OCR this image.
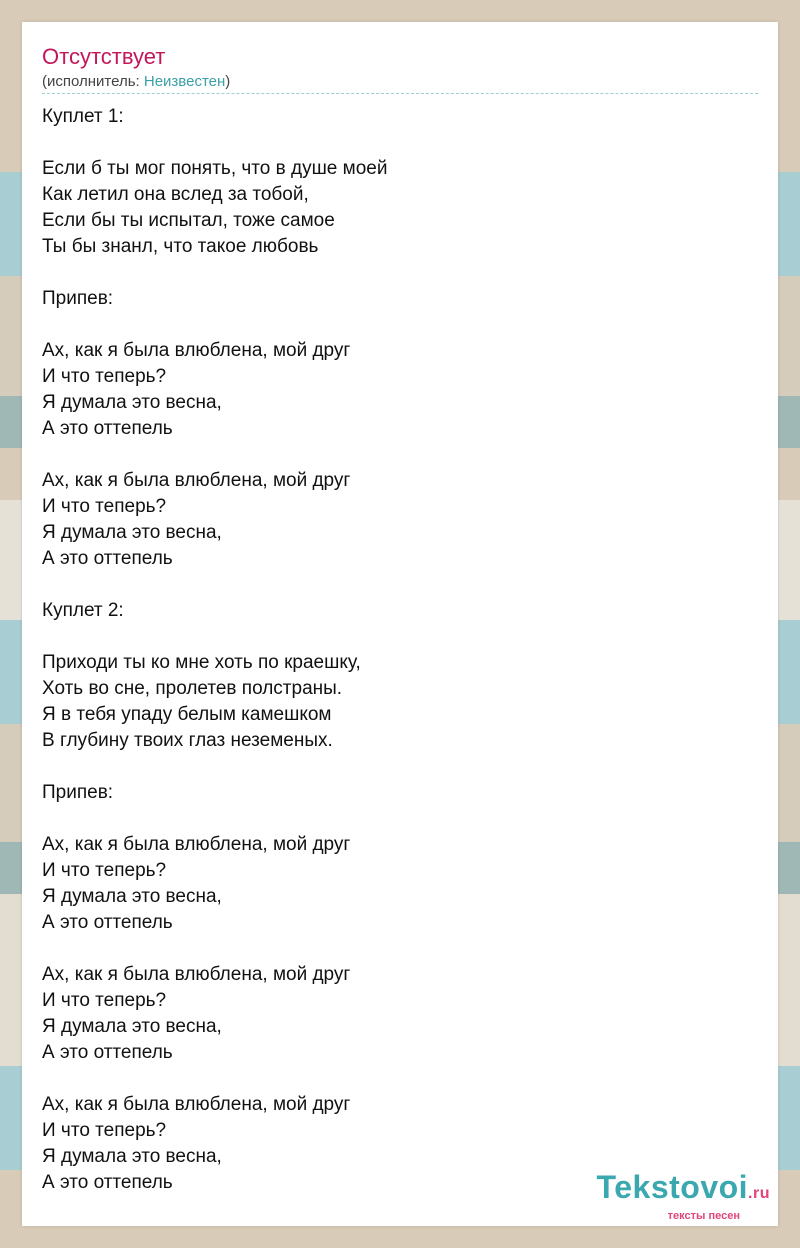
Отсутствует
(исполнитель: Неизвестен)
Куплет 1:
Если б ты мог понять, что в душе моей
Как летил она вслед за тобой,
Если бы ты испытал, тоже самое
Ты бы знанл, что такое любовь
Припев:
Ах, как я была влюблена, мой друг
И что теперь?
Я думала это весна,
А это оттепель
Ах, как я была влюблена, мой друг
И что теперь?
Я думала это весна,
А это оттепель
Куплет 2:
Приходи ты ко мне хоть по краешку,
Хоть во сне, пролетев полстраны.
Я в тебя упаду белым камешком
В глубину твоих глаз неземеных.
Припев:
Ах, как я была влюблена, мой друг
И что теперь?
Я думала это весна,
А это оттепель
Ах, как я была влюблена, мой друг
И что теперь?
Я думала это весна,
А это оттепель
Ах, как я была влюблена, мой друг
И что теперь?
Я думала это весна,
А это оттепель	Tekstovoi.ru
тексты песен
